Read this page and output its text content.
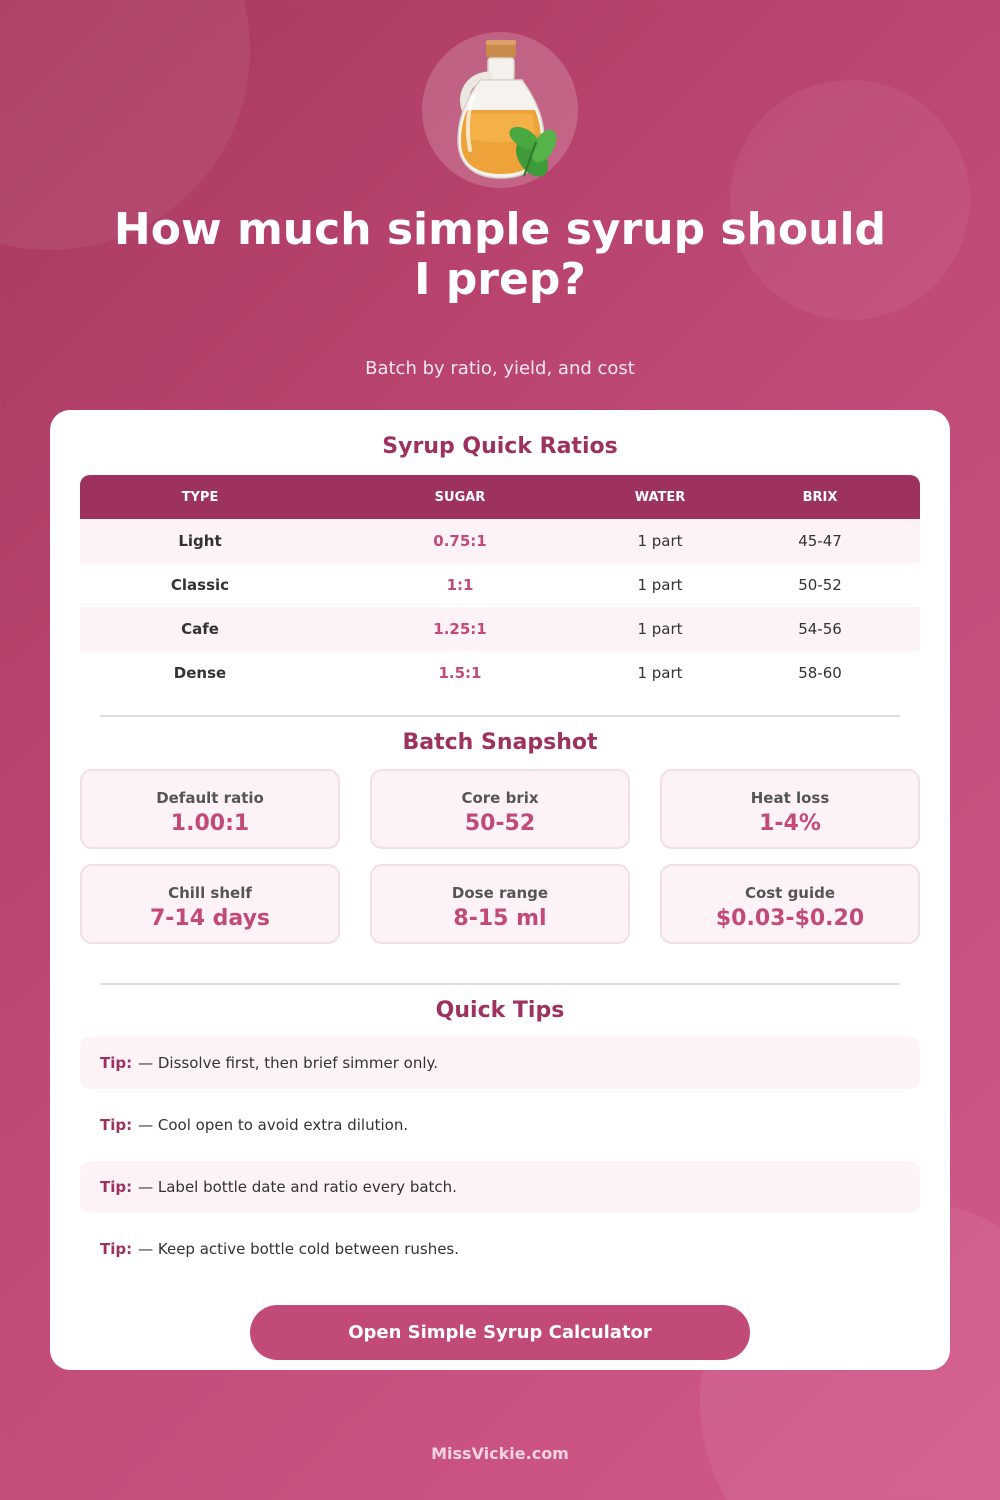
How much simple syrup should I prep?
Batch by ratio, yield, and cost
Syrup Quick Ratios
TYPE	SUGAR	WATER	BRIX
Light	0.75:1	1 part	45-47
Classic	1:1	1 part	50-52
Cafe	1.25:1	1 part	54-56
Dense	1.5:1	1 part	58-60
Batch Snapshot
Default ratio
1.00:1
Core brix
50-52
Heat loss
1-4%
Chill shelf
7-14 days
Dose range
8-15 ml
Cost guide
$0.03-$0.20
Quick Tips
Tip: — Dissolve first, then brief simmer only.
Tip: — Cool open to avoid extra dilution.
Tip: — Label bottle date and ratio every batch.
Tip: — Keep active bottle cold between rushes.
Open Simple Syrup Calculator
MissVickie.com
